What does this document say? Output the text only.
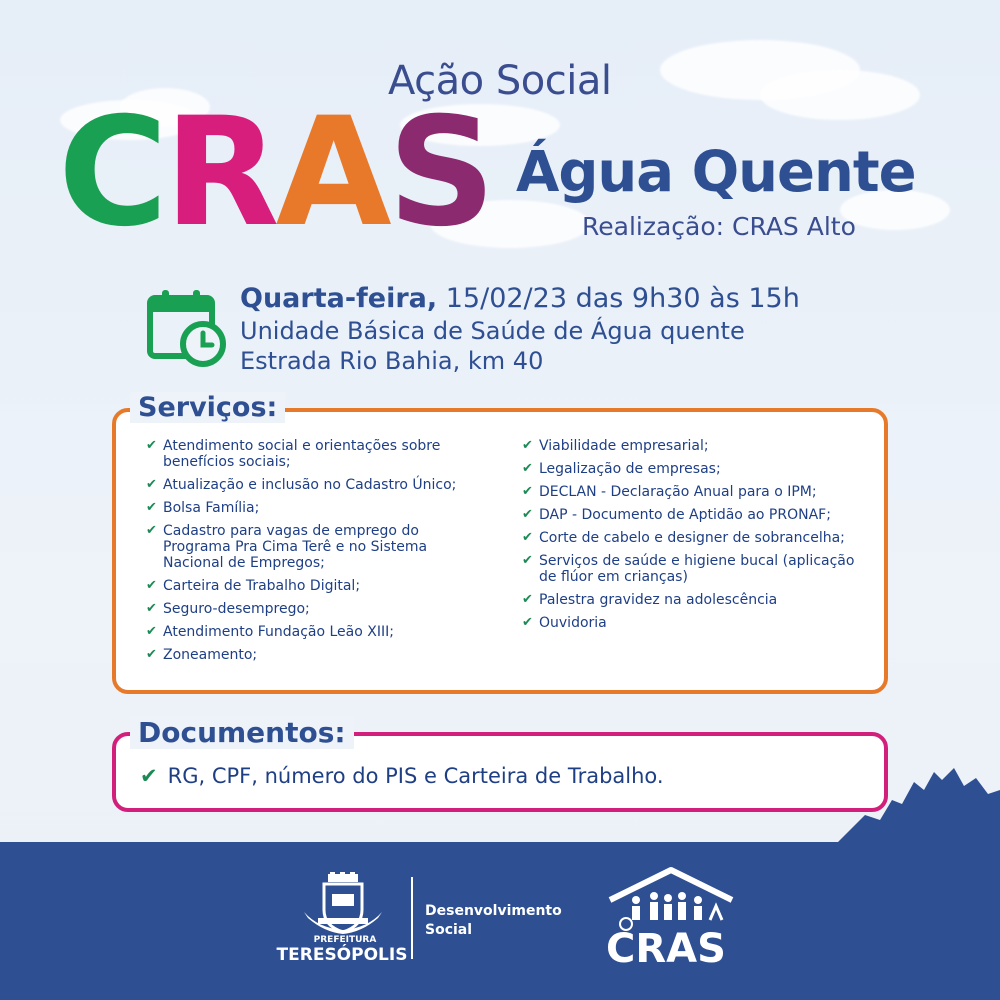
Ação Social
CRAS Água Quente
Realização: CRAS Alto
Quarta-feira, 15/02/23 das 9h30 às 15h
Unidade Básica de Saúde de Água quente
Estrada Rio Bahia, km 40
Serviços:
✔ Atendimento social e orientações sobre benefícios sociais;
✔ Atualização e inclusão no Cadastro Único;
✔ Bolsa Família;
✔ Cadastro para vagas de emprego do Programa Pra Cima Terê e no Sistema Nacional de Empregos;
✔ Carteira de Trabalho Digital;
✔ Seguro-desemprego;
✔ Atendimento Fundação Leão XIII;
✔ Zoneamento;
✔ Viabilidade empresarial;
✔ Legalização de empresas;
✔ DECLAN - Declaração Anual para o IPM;
✔ DAP - Documento de Aptidão ao PRONAF;
✔ Corte de cabelo e designer de sobrancelha;
✔ Serviços de saúde e higiene bucal (aplicação de flúor em crianças)
✔ Palestra gravidez na adolescência
✔ Ouvidoria
Documentos:
✔ RG, CPF, número do PIS e Carteira de Trabalho.
PREFEITURA
TERESÓPOLIS
Desenvolvimento Social	CRAS
